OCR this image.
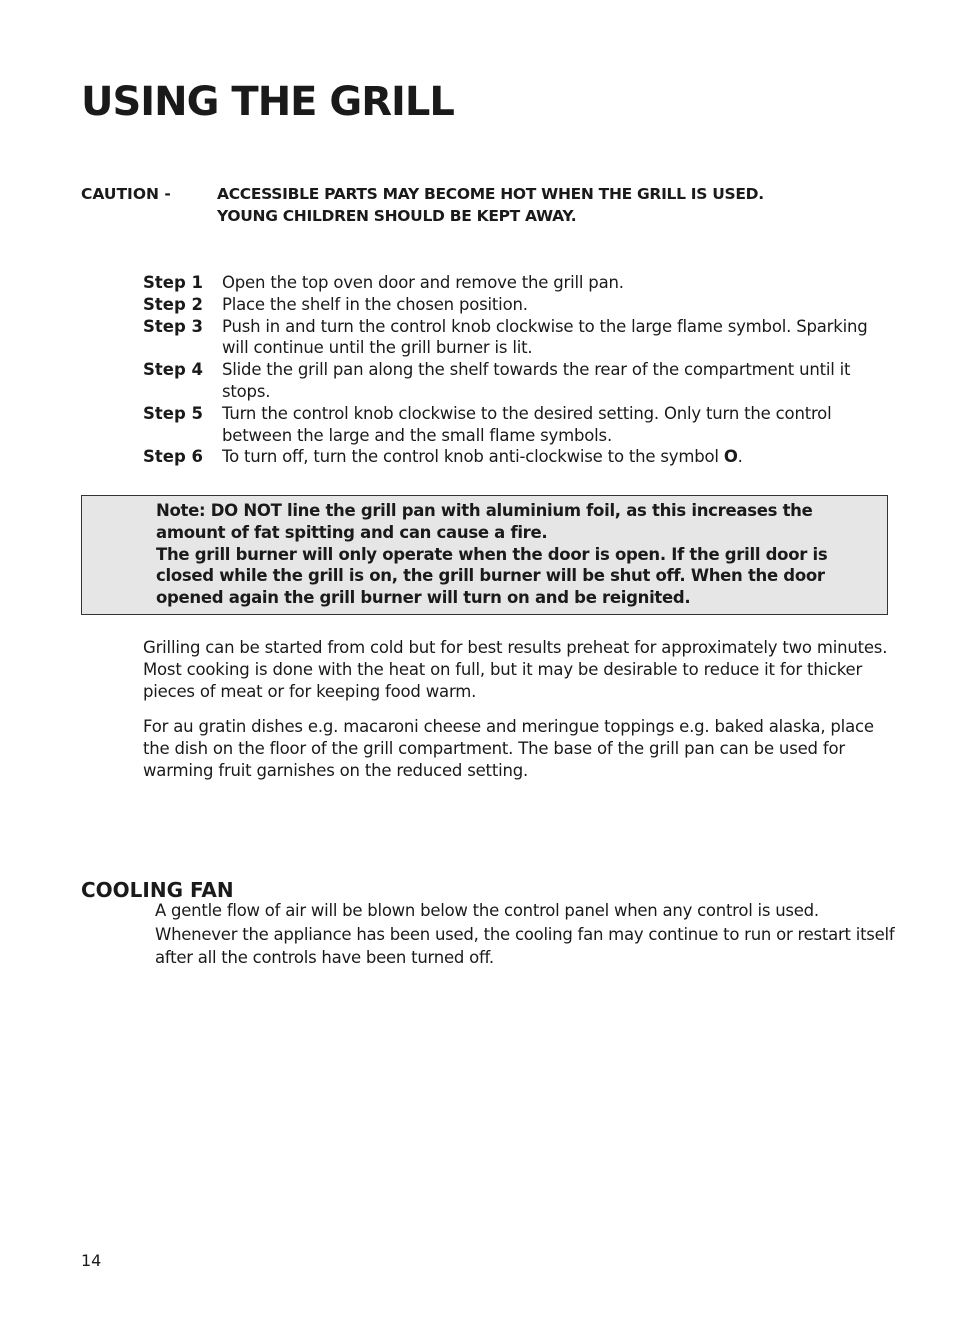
USING THE GRILL
CAUTION -	ACCESSIBLE PARTS MAY BECOME HOT WHEN THE GRILL IS USED.
YOUNG CHILDREN SHOULD BE KEPT AWAY.
Step 1	Open the top oven door and remove the grill pan.
Step 2	Place the shelf in the chosen position.
Step 3	Push in and turn the control knob clockwise to the large flame symbol. Sparking will continue until the grill burner is lit.
Step 4	Slide the grill pan along the shelf towards the rear of the compartment until it stops.
Step 5	Turn the control knob clockwise to the desired setting. Only turn the control between the large and the small flame symbols.
Step 6	To turn off, turn the control knob anti-clockwise to the symbol O.

Note: DO NOT line the grill pan with aluminium foil, as this increases the amount of fat spitting and can cause a fire.
The grill burner will only operate when the door is open. If the grill door is closed while the grill is on, the grill burner will be shut off. When the door opened again the grill burner will turn on and be reignited.

Grilling can be started from cold but for best results preheat for approximately two minutes. Most cooking is done with the heat on full, but it may be desirable to reduce it for thicker pieces of meat or for keeping food warm.

For au gratin dishes e.g. macaroni cheese and meringue toppings e.g. baked alaska, place the dish on the floor of the grill compartment. The base of the grill pan can be used for warming fruit garnishes on the reduced setting.

COOLING FAN

A gentle flow of air will be blown below the control panel when any control is used.
Whenever the appliance has been used, the cooling fan may continue to run or restart itself after all the controls have been turned off.

14
